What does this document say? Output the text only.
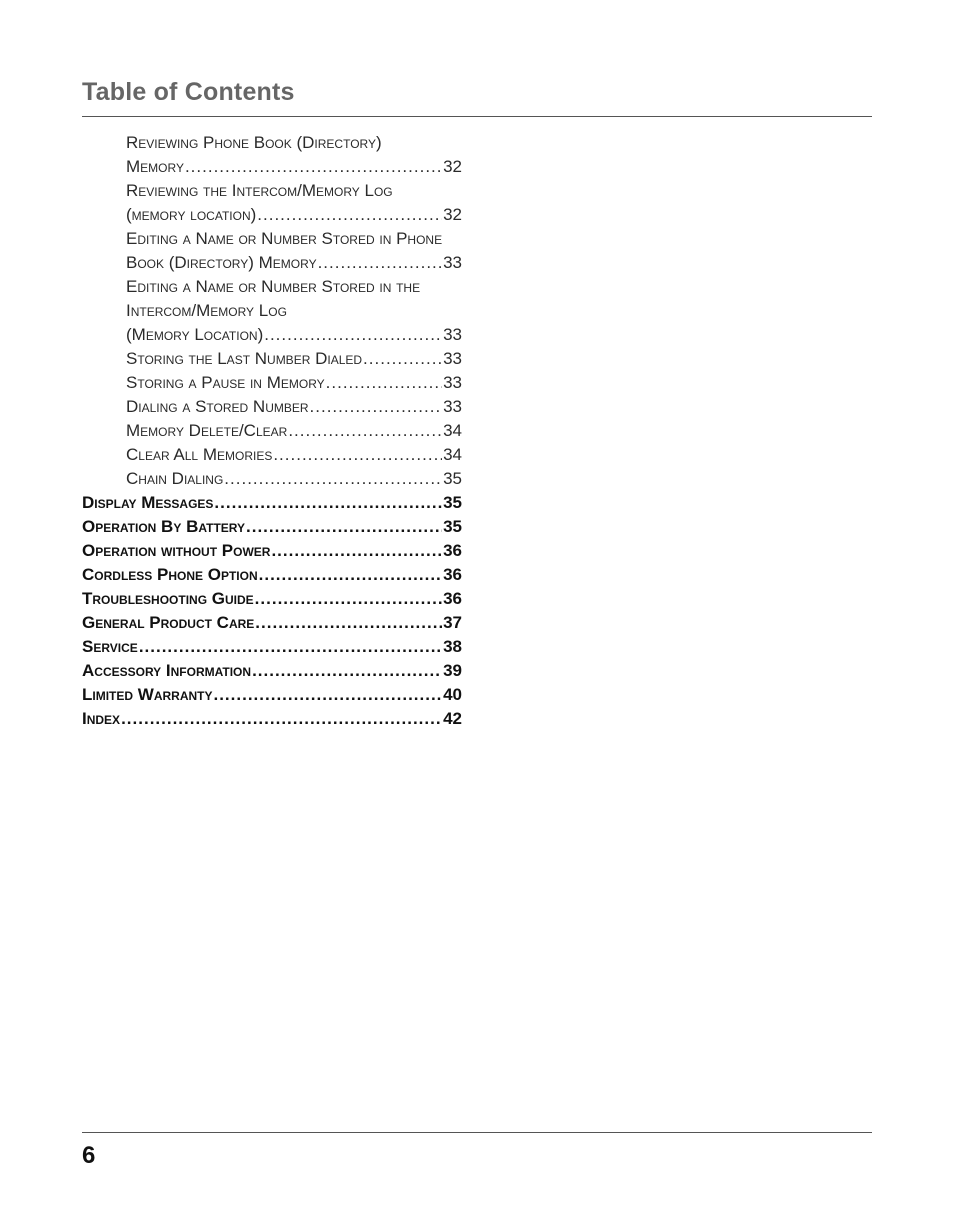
Table of Contents
Reviewing Phone Book (Directory)
Memory .....	32
Reviewing the Intercom/Memory Log
(memory location) .....	32
Editing a Name or Number Stored in Phone
Book (Directory) Memory .....	33
Editing a Name or Number Stored in the
Intercom/Memory Log
(Memory Location) .....	33
Storing the Last Number Dialed .....	33
Storing a Pause in Memory .....	33
Dialing a Stored Number .....	33
Memory Delete/Clear .....	34
Clear All Memories .....	34
Chain Dialing .....	35
Display Messages .....	35
Operation By Battery .....	35
Operation without Power .....	36
Cordless Phone Option .....	36
Troubleshooting Guide .....	36
General Product Care .....	37
Service .....	38
Accessory Information .....	39
Limited Warranty .....	40
Index .....	42

6
